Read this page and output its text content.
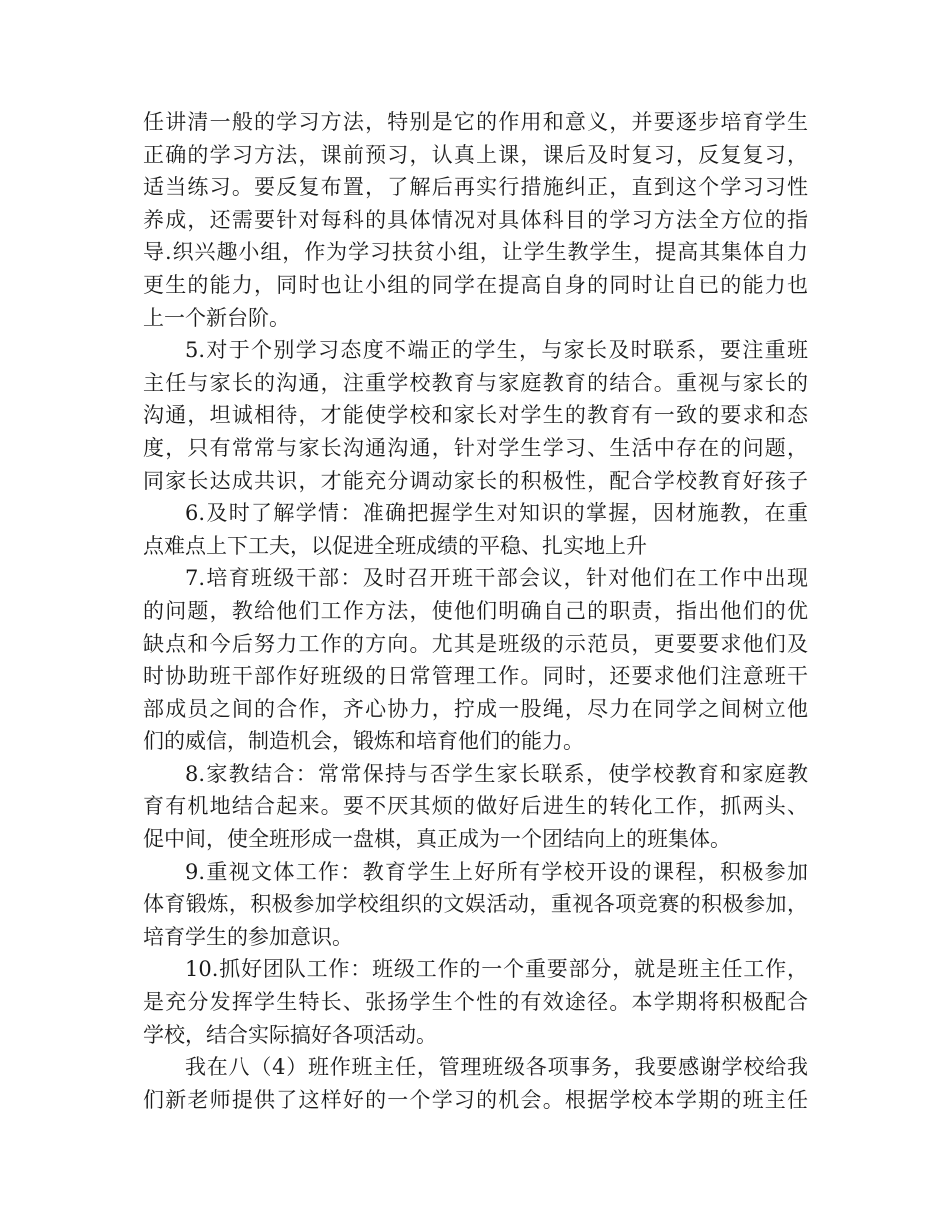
任讲清一般的学习方法，特别是它的作用和意义，并要逐步培育学生
正确的学习方法，课前预习，认真上课，课后及时复习，反复复习，
适当练习。要反复布置，了解后再实行措施纠正，直到这个学习习性
养成，还需要针对每科的具体情况对具体科目的学习方法全方位的指
导.织兴趣小组，作为学习扶贫小组，让学生教学生，提高其集体自力
更生的能力，同时也让小组的同学在提高自身的同时让自已的能力也
上一个新台阶。
5.对于个别学习态度不端正的学生，与家长及时联系，要注重班
主任与家长的沟通，注重学校教育与家庭教育的结合。重视与家长的
沟通，坦诚相待，才能使学校和家长对学生的教育有一致的要求和态
度，只有常常与家长沟通沟通，针对学生学习、生活中存在的问题，
同家长达成共识，才能充分调动家长的积极性，配合学校教育好孩子
6.及时了解学情：准确把握学生对知识的掌握，因材施教，在重
点难点上下工夫，以促进全班成绩的平稳、扎实地上升
7.培育班级干部：及时召开班干部会议，针对他们在工作中出现
的问题，教给他们工作方法，使他们明确自己的职责，指出他们的优
缺点和今后努力工作的方向。尤其是班级的示范员，更要要求他们及
时协助班干部作好班级的日常管理工作。同时，还要求他们注意班干
部成员之间的合作，齐心协力，拧成一股绳，尽力在同学之间树立他
们的威信，制造机会，锻炼和培育他们的能力。
8.家教结合：常常保持与否学生家长联系，使学校教育和家庭教
育有机地结合起来。要不厌其烦的做好后进生的转化工作，抓两头、
促中间，使全班形成一盘棋，真正成为一个团结向上的班集体。
9.重视文体工作：教育学生上好所有学校开设的课程，积极参加
体育锻炼，积极参加学校组织的文娱活动，重视各项竞赛的积极参加，
培育学生的参加意识。
10.抓好团队工作：班级工作的一个重要部分，就是班主任工作，
是充分发挥学生特长、张扬学生个性的有效途径。本学期将积极配合
学校，结合实际搞好各项活动。
我在八（4）班作班主任，管理班级各项事务，我要感谢学校给我
们新老师提供了这样好的一个学习的机会。根据学校本学期的班主任
